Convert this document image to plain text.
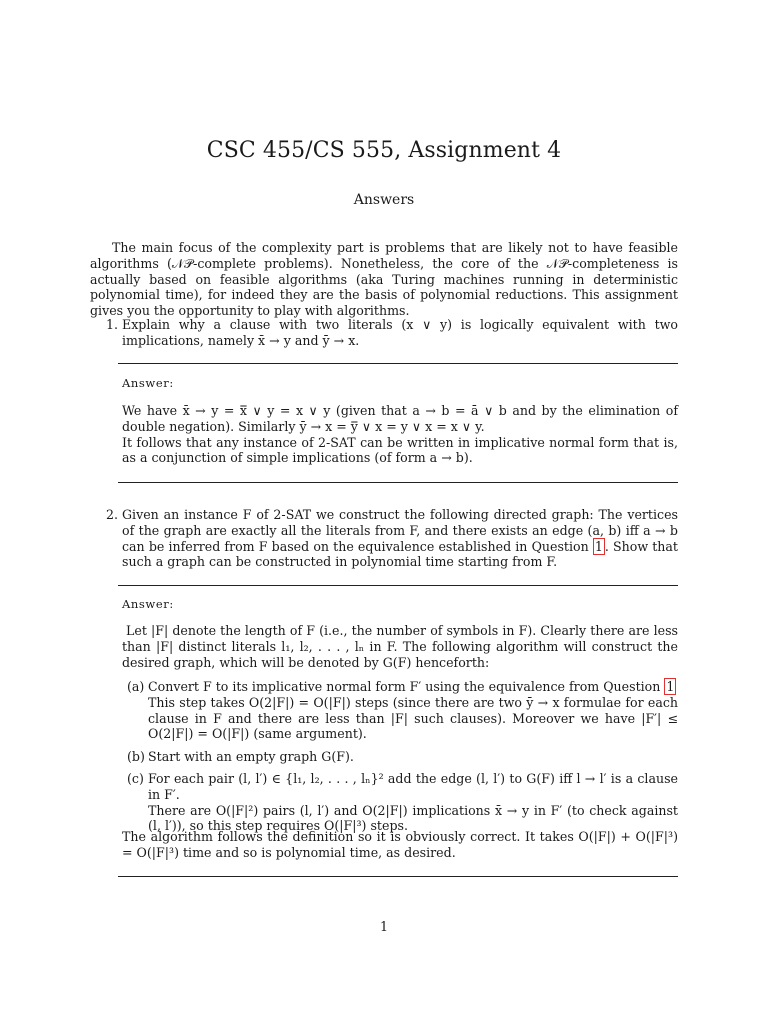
CSC 455/CS 555, Assignment 4
Answers
The main focus of the complexity part is problems that are likely not to have feasible algorithms (𝒩𝒫-complete problems). Nonetheless, the core of the 𝒩𝒫-completeness is actually based on feasible algorithms (aka Turing machines running in deterministic polynomial time), for indeed they are the basis of polynomial reductions. This assignment gives you the opportunity to play with algorithms.
1. Explain why a clause with two literals (x ∨ y) is logically equivalent with two implications, namely x̄ → y and ȳ → x.
Answer:

We have x̄ → y = x̿ ∨ y = x ∨ y (given that a → b = ā ∨ b and by the elimination of double negation). Similarly ȳ → x = y̿ ∨ x = y ∨ x = x ∨ y.

It follows that any instance of 2-SAT can be written in implicative normal form that is, as a conjunction of simple implications (of form a → b).

2. Given an instance F of 2-SAT we construct the following directed graph: The vertices of the graph are exactly all the literals from F, and there exists an edge (a, b) iff a → b can be inferred from F based on the equivalence established in Question 1 . Show that such a graph can be constructed in polynomial time starting from F.
Answer:
Let |F| denote the length of F (i.e., the number of symbols in F). Clearly there are less than |F| distinct literals l₁, l₂, . . . , lₙ in F. The following algorithm will construct the desired graph, which will be denoted by G(F) henceforth:
(a) Convert F to its implicative normal form F′ using the equivalence from Question 1
This step takes O(2|F|) = O(|F|) steps (since there are two ȳ → x formulae for each clause in F and there are less than |F| such clauses). Moreover we have |F′| ≤ O(2|F|) = O(|F|) (same argument).
(b) Start with an empty graph G(F).
(c) For each pair (l, l′) ∈ {l₁, l₂, . . . , lₙ}² add the edge (l, l′) to G(F) iff l → l′ is a clause in F′.
There are O(|F|²) pairs (l, l′) and O(2|F|) implications x̄ → y in F′ (to check against (l, l′)), so this step requires O(|F|³) steps.
The algorithm follows the definition so it is obviously correct. It takes O(|F|) + O(|F|³) = O(|F|³) time and so is polynomial time, as desired.
1
